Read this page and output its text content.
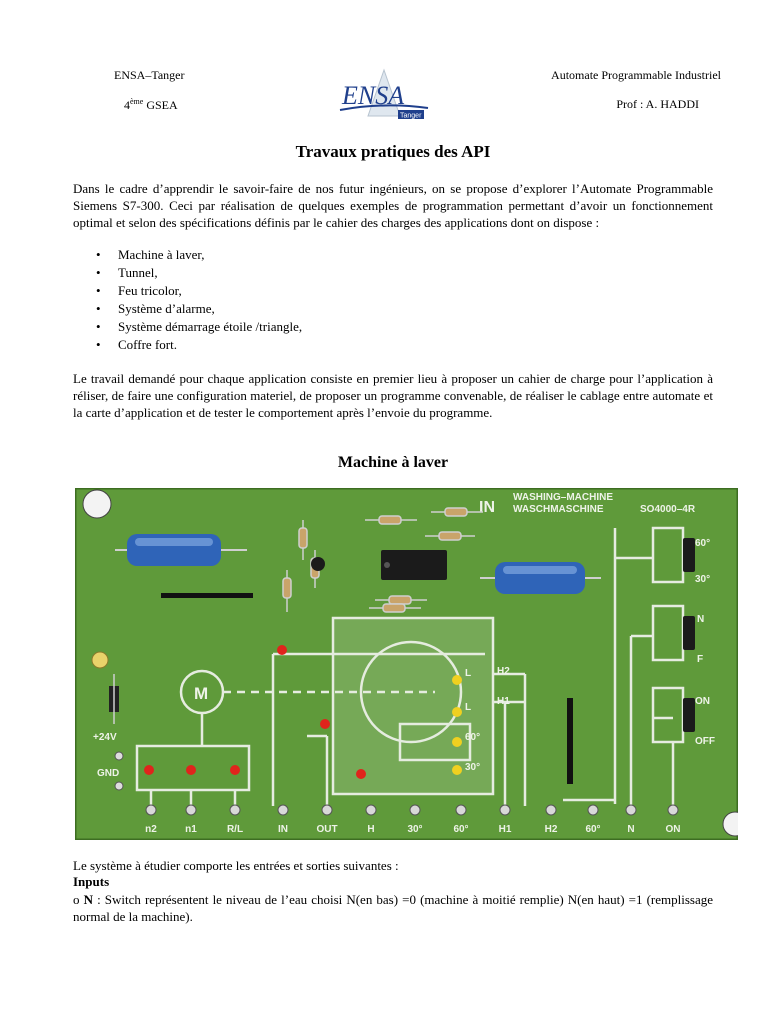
ENSA–Tanger
4ème GSEA
Automate Programmable Industriel
Prof : A. HADDI
ENSA
Tanger
Travaux pratiques des API
Dans le cadre d’apprendir le savoir-faire de nos futur ingénieurs, on se propose d’explorer l’Automate Programmable Siemens S7-300. Ceci par réalisation de quelques exemples de programmation permettant d’avoir un fonctionnement optimal et selon des spécifications définis par le cahier des charges des applications dont on dispose :
• Machine à laver,
• Tunnel,
• Feu tricolor,
• Système d’alarme,
• Système démarrage étoile /triangle,
• Coffre fort.
Le travail demandé pour chaque application consiste en premier lieu à proposer un cahier de charge pour l’application à réliser, de faire une configuration materiel, de proposer un programme convenable, de réaliser le cablage entre automate et la carte d’application et de tester le comportement après l’envoie du programme.
Machine à laver
IN
WASHING–MACHINE
WASCHMASCHINE	SO4000–4R
M
+24V
GND
L
L
H2
H1
60°
30°
60°
30°
N
F
ON
OFF
n2	n1	R/L	IN	OUT	H	30°	60°	H1	H2	60°	N	ON
Le système à étudier comporte les entrées et sorties suivantes :
Inputs
o N : Switch représentent le niveau de l’eau choisi N(en bas) =0 (machine à moitié remplie) N(en haut) =1 (remplissage normal de la machine).
